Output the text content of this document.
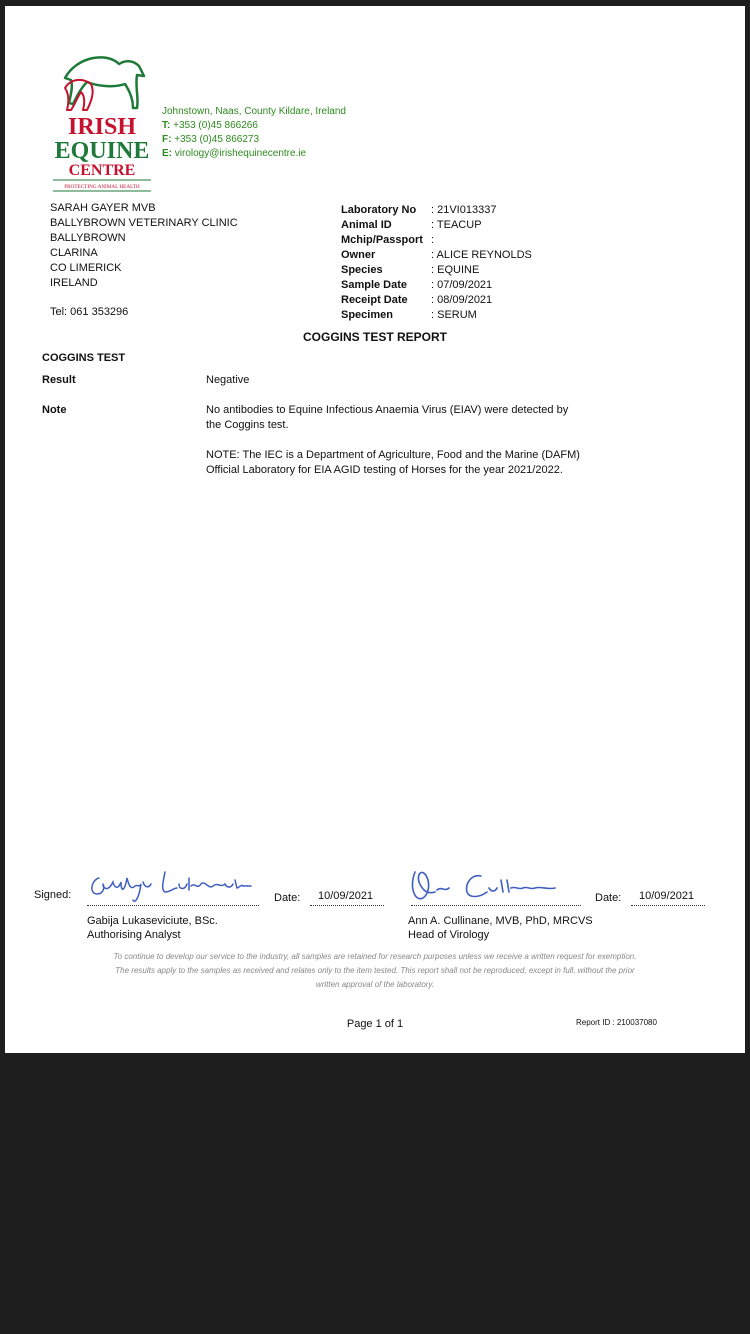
IRISH
EQUINE
CENTRE
PROTECTING ANIMAL HEALTH
Johnstown, Naas, County Kildare, Ireland
T: +353 (0)45 866266
F: +353 (0)45 866273
E: virology@irishequinecentre.ie
SARAH GAYER MVB
BALLYBROWN VETERINARY CLINIC
BALLYBROWN
CLARINA
CO LIMERICK
IRELAND
Tel: 061 353296
Laboratory No	: 21VI013337
Animal ID	: TEACUP
Mchip/Passport :
Owner	: ALICE REYNOLDS
Species	: EQUINE
Sample Date	: 07/09/2021
Receipt Date	: 08/09/2021
Specimen	: SERUM
COGGINS TEST REPORT
COGGINS TEST
Result	Negative
Note	No antibodies to Equine Infectious Anaemia Virus (EIAV) were detected by the Coggins test.

NOTE: The IEC is a Department of Agriculture, Food and the Marine (DAFM) Official Laboratory for EIA AGID testing of Horses for the year 2021/2022.

Signed:	Date: 10/09/2021
Gabija Lukaseviciute, BSc.
Authorising Analyst
Date: 10/09/2021
Ann A. Cullinane, MVB, PhD, MRCVS
Head of Virology
To continue to develop our service to the industry, all samples are retained for research purposes unless we receive a written request for exemption.
The results apply to the samples as received and relates only to the item tested. This report shall not be reproduced, except in full, without the prior
written approval of the laboratory.
Page 1 of 1	Report ID : 210037080
